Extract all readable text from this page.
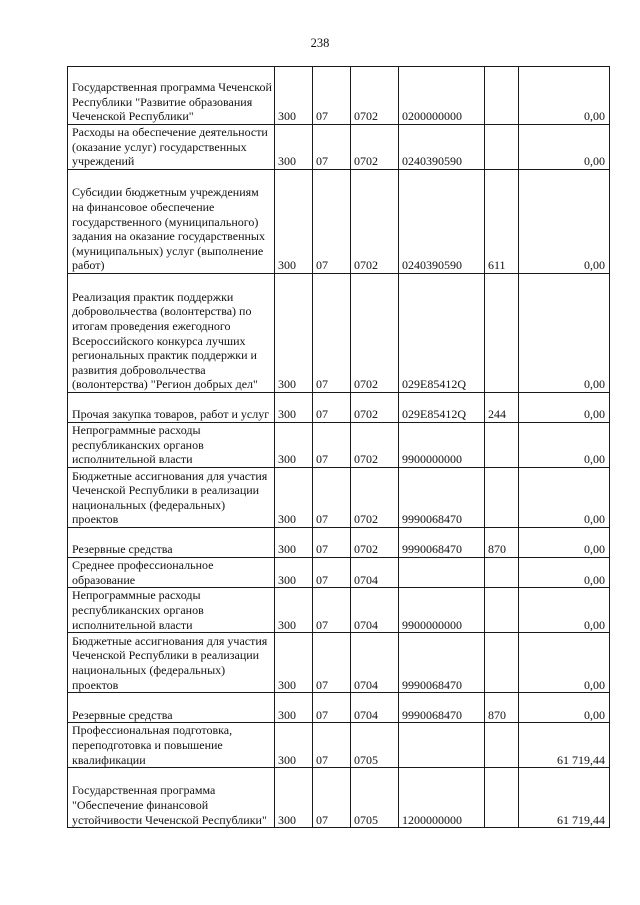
238
Государственная программа Чеченской Республики "Развитие образования Чеченской Республики"	300	07	0702	0200000000		0,00
Расходы на обеспечение деятельности (оказание услуг) государственных учреждений	300	07	0702	0240390590		0,00
Субсидии бюджетным учреждениям на финансовое обеспечение государственного (муниципального) задания на оказание государственных (муниципальных) услуг (выполнение работ)	300	07	0702	0240390590	611	0,00
Реализация практик поддержки добровольчества (волонтерства) по итогам проведения ежегодного Всероссийского конкурса лучших региональных практик поддержки и развития добровольчества (волонтерства) "Регион добрых дел"	300	07	0702	029E85412Q		0,00
Прочая закупка товаров, работ и услуг	300	07	0702	029E85412Q	244	0,00
Непрограммные расходы республиканских органов исполнительной власти	300	07	0702	9900000000		0,00
Бюджетные ассигнования для участия Чеченской Республики в реализации национальных (федеральных) проектов	300	07	0702	9990068470		0,00
Резервные средства	300	07	0702	9990068470	870	0,00
Среднее профессиональное образование	300	07	0704			0,00
Непрограммные расходы республиканских органов исполнительной власти	300	07	0704	9900000000		0,00
Бюджетные ассигнования для участия Чеченской Республики в реализации национальных (федеральных) проектов	300	07	0704	9990068470		0,00
Резервные средства	300	07	0704	9990068470	870	0,00
Профессиональная подготовка, переподготовка и повышение квалификации	300	07	0705			61 719,44
Государственная программа "Обеспечение финансовой устойчивости Чеченской Республики"	300	07	0705	1200000000		61 719,44
